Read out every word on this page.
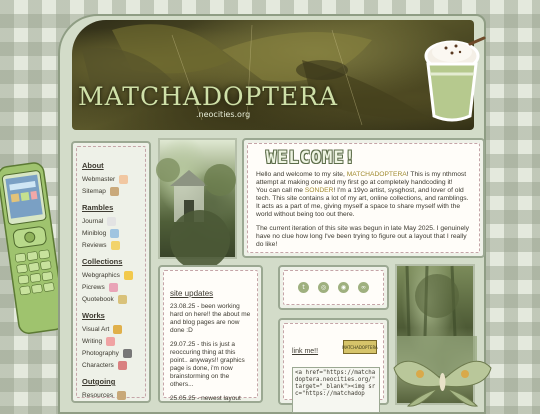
MATCHADOPTERA
.neocities.org
About
Webmaster
Sitemap
Rambles
Journal
Miniblog
Reviews
Collections
Webgraphics
Picrews
Quotebook
Works
Visual Art
Writing
Photography
Characters
Outgoing
Resources
WELCOME!

Hello and welcome to my site, MATCHADOPTERA! This is my nthmost attempt at making one and my first go at completely handcoding it!

You can call me SONDER! I'm a 19yo artist, sysghost, and lover of old tech. This site contains a lot of my art, online collections, and ramblings. It acts as a part of me, giving myself a space to share myself with the world without being too out there.

The current iteration of this site was begun in late May 2025. I genuinely have no clue how long I've been trying to figure out a layout that I really do like!

site updates
23.08.25 - been working hard on here!! the about me and blog pages are now done :D
29.07.25 - this is just a reoccuring thing at this point.. anyways!! graphics page is done, i'm now brainstorming on the others...
25.05.25 - newest layout
t	◎	◉	∞
link me!!
MATCHADOPTERA
<a href="https://matchadoptera.neocities.org/" target="_blank"><img src="https://matchadop
